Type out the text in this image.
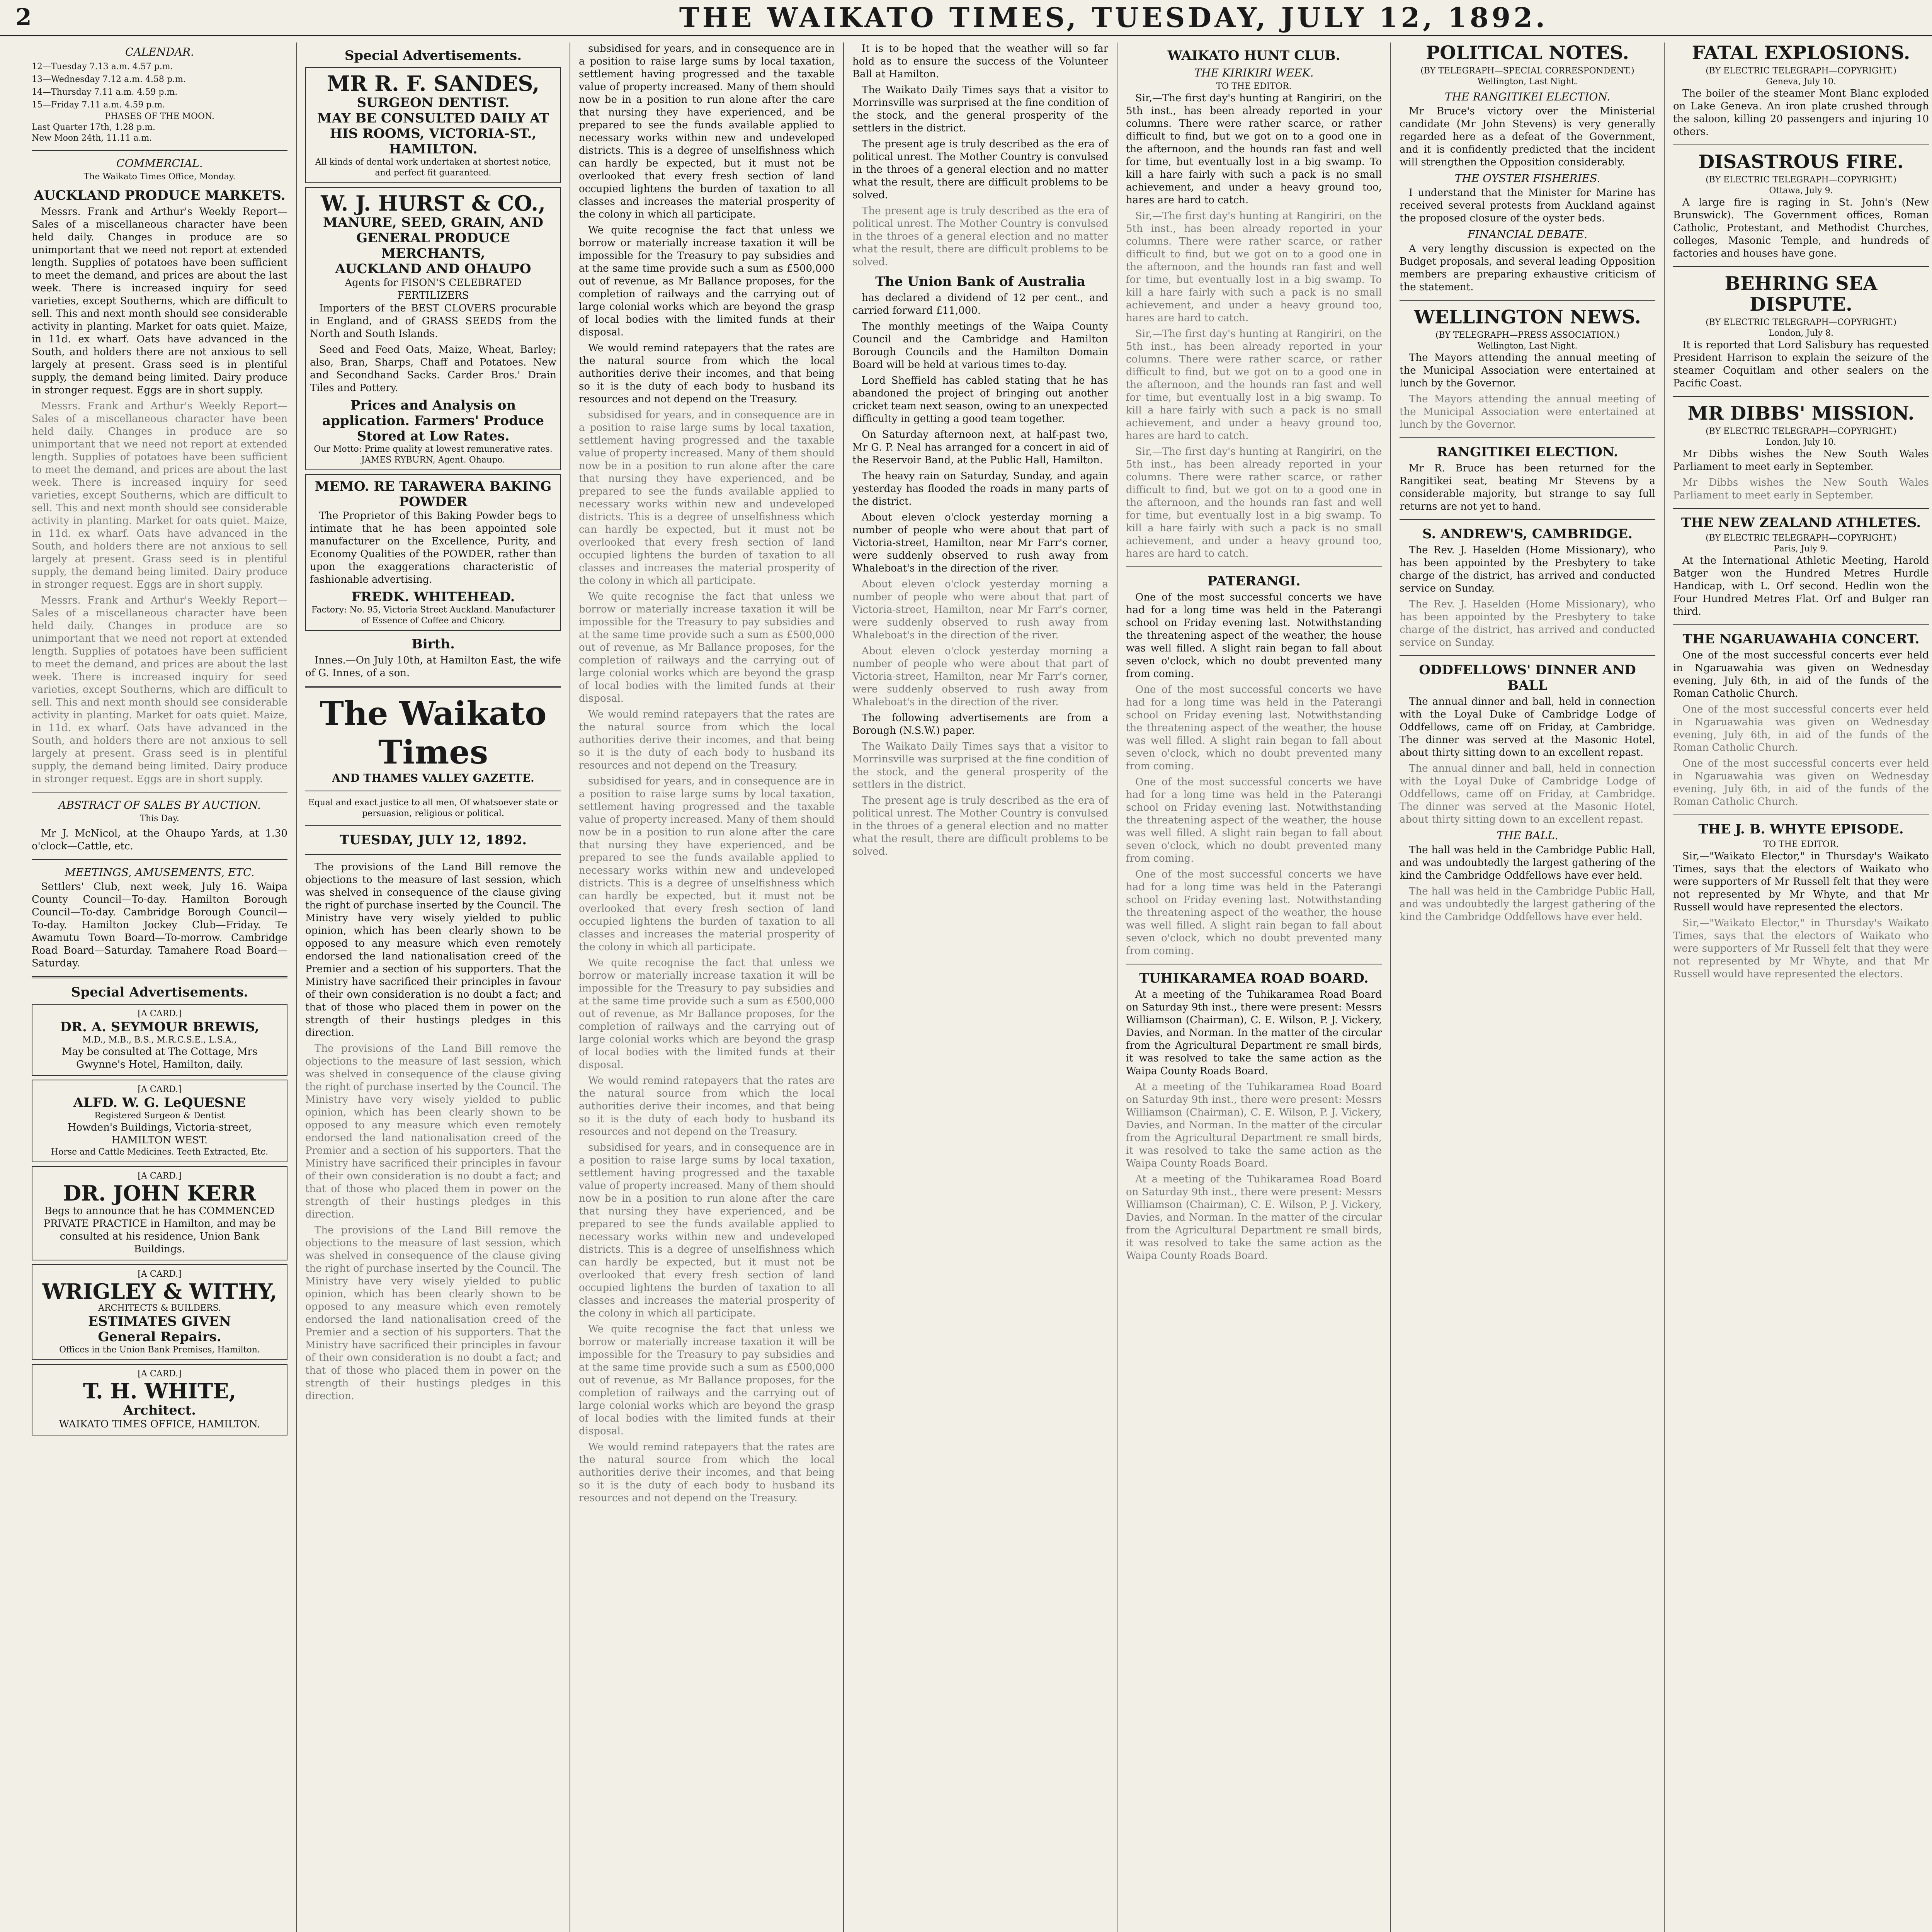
2	THE WAIKATO TIMES, TUESDAY, JULY 12, 1892.
CALENDAR.
12—Tuesday 7.13 a.m. 4.57 p.m.
13—Wednesday 7.12 a.m. 4.58 p.m.
14—Thursday 7.11 a.m. 4.59 p.m.
15—Friday 7.11 a.m. 4.59 p.m.
PHASES OF THE MOON.
Last Quarter 17th, 1.28 p.m.
New Moon 24th, 11.11 a.m.
COMMERCIAL.

The Waikato Times Office, Monday.

AUCKLAND PRODUCE MARKETS.

Messrs. Frank and Arthur's Weekly Report—Sales of a miscellaneous character have been held daily. Changes in produce are so unimportant that we need not report at extended length. Supplies of potatoes have been sufficient to meet the demand, and prices are about the last week. There is increased inquiry for seed varieties, except Southerns, which are difficult to sell. This and next month should see considerable activity in planting. Market for oats quiet. Maize, in 11d. ex wharf. Oats have advanced in the South, and holders there are not anxious to sell largely at present. Grass seed is in plentiful supply, the demand being limited. Dairy produce in stronger request. Eggs are in short supply.

Messrs. Frank and Arthur's Weekly Report—Sales of a miscellaneous character have been held daily. Changes in produce are so unimportant that we need not report at extended length. Supplies of potatoes have been sufficient to meet the demand, and prices are about the last week. There is increased inquiry for seed varieties, except Southerns, which are difficult to sell. This and next month should see considerable activity in planting. Market for oats quiet. Maize, in 11d. ex wharf. Oats have advanced in the South, and holders there are not anxious to sell largely at present. Grass seed is in plentiful supply, the demand being limited. Dairy produce in stronger request. Eggs are in short supply.

Messrs. Frank and Arthur's Weekly Report—Sales of a miscellaneous character have been held daily. Changes in produce are so unimportant that we need not report at extended length. Supplies of potatoes have been sufficient to meet the demand, and prices are about the last week. There is increased inquiry for seed varieties, except Southerns, which are difficult to sell. This and next month should see considerable activity in planting. Market for oats quiet. Maize, in 11d. ex wharf. Oats have advanced in the South, and holders there are not anxious to sell largely at present. Grass seed is in plentiful supply, the demand being limited. Dairy produce in stronger request. Eggs are in short supply.

ABSTRACT OF SALES BY AUCTION.

This Day.

Mr J. McNicol, at the Ohaupo Yards, at 1.30 o'clock—Cattle, etc.

MEETINGS, AMUSEMENTS, ETC.

Settlers' Club, next week, July 16. Waipa County Council—To-day. Hamilton Borough Council—To-day. Cambridge Borough Council—To-day. Hamilton Jockey Club—Friday. Te Awamutu Town Board—To-morrow. Cambridge Road Board—Saturday. Tamahere Road Board—Saturday.

Special Advertisements.
[A CARD.]
DR. A. SEYMOUR BREWIS,
M.D., M.B., B.S., M.R.C.S.E., L.S.A.,
May be consulted at The Cottage, Mrs Gwynne's Hotel, Hamilton, daily.
[A CARD.]
ALFD. W. G. LeQUESNE
Registered Surgeon & Dentist
Howden's Buildings, Victoria-street, HAMILTON WEST.
Horse and Cattle Medicines. Teeth Extracted, Etc.
[A CARD.]
DR. JOHN KERR
Begs to announce that he has COMMENCED PRIVATE PRACTICE in Hamilton, and may be consulted at his residence, Union Bank Buildings.
[A CARD.]
WRIGLEY & WITHY,
ARCHITECTS & BUILDERS.
ESTIMATES GIVEN
General Repairs.
Offices in the Union Bank Premises, Hamilton.
[A CARD.]
T. H. WHITE,
Architect.
WAIKATO TIMES OFFICE, HAMILTON.
Special Advertisements.
MR R. F. SANDES,
SURGEON DENTIST.
MAY BE CONSULTED DAILY AT HIS ROOMS, VICTORIA-ST., HAMILTON.
All kinds of dental work undertaken at shortest notice, and perfect fit guaranteed.
W. J. HURST & CO.,
MANURE, SEED, GRAIN, AND GENERAL PRODUCE MERCHANTS,
AUCKLAND AND OHAUPO
Agents for FISON'S CELEBRATED FERTILIZERS

Importers of the BEST CLOVERS procurable in England, and of GRASS SEEDS from the North and South Islands.

Seed and Feed Oats, Maize, Wheat, Barley; also, Bran, Sharps, Chaff and Potatoes. New and Secondhand Sacks. Carder Bros.' Drain Tiles and Pottery.

Prices and Analysis on application. Farmers' Produce Stored at Low Rates.
Our Motto: Prime quality at lowest remunerative rates.
JAMES RYBURN, Agent. Ohaupo.
MEMO. RE TARAWERA BAKING POWDER

The Proprietor of this Baking Powder begs to intimate that he has been appointed sole manufacturer on the Excellence, Purity, and Economy Qualities of the POWDER, rather than upon the exaggerations characteristic of fashionable advertising.

FREDK. WHITEHEAD.
Factory: No. 95, Victoria Street Auckland. Manufacturer of Essence of Coffee and Chicory.
Birth.

Innes.—On July 10th, at Hamilton East, the wife of G. Innes, of a son.

The Waikato Times
AND THAMES VALLEY GAZETTE.

Equal and exact justice to all men, Of whatsoever state or persuasion, religious or political.

TUESDAY, JULY 12, 1892.

The provisions of the Land Bill remove the objections to the measure of last session, which was shelved in consequence of the clause giving the right of purchase inserted by the Council. The Ministry have very wisely yielded to public opinion, which has been clearly shown to be opposed to any measure which even remotely endorsed the land nationalisation creed of the Premier and a section of his supporters. That the Ministry have sacrificed their principles in favour of their own consideration is no doubt a fact; and that of those who placed them in power on the strength of their hustings pledges in this direction.

The provisions of the Land Bill remove the objections to the measure of last session, which was shelved in consequence of the clause giving the right of purchase inserted by the Council. The Ministry have very wisely yielded to public opinion, which has been clearly shown to be opposed to any measure which even remotely endorsed the land nationalisation creed of the Premier and a section of his supporters. That the Ministry have sacrificed their principles in favour of their own consideration is no doubt a fact; and that of those who placed them in power on the strength of their hustings pledges in this direction.

The provisions of the Land Bill remove the objections to the measure of last session, which was shelved in consequence of the clause giving the right of purchase inserted by the Council. The Ministry have very wisely yielded to public opinion, which has been clearly shown to be opposed to any measure which even remotely endorsed the land nationalisation creed of the Premier and a section of his supporters. That the Ministry have sacrificed their principles in favour of their own consideration is no doubt a fact; and that of those who placed them in power on the strength of their hustings pledges in this direction.

subsidised for years, and in consequence are in a position to raise large sums by local taxation, settlement having progressed and the taxable value of property increased. Many of them should now be in a position to run alone after the care that nursing they have experienced, and be prepared to see the funds available applied to necessary works within new and undeveloped districts. This is a degree of unselfishness which can hardly be expected, but it must not be overlooked that every fresh section of land occupied lightens the burden of taxation to all classes and increases the material prosperity of the colony in which all participate.

We quite recognise the fact that unless we borrow or materially increase taxation it will be impossible for the Treasury to pay subsidies and at the same time provide such a sum as £500,000 out of revenue, as Mr Ballance proposes, for the completion of railways and the carrying out of large colonial works which are beyond the grasp of local bodies with the limited funds at their disposal.

We would remind ratepayers that the rates are the natural source from which the local authorities derive their incomes, and that being so it is the duty of each body to husband its resources and not depend on the Treasury.

subsidised for years, and in consequence are in a position to raise large sums by local taxation, settlement having progressed and the taxable value of property increased. Many of them should now be in a position to run alone after the care that nursing they have experienced, and be prepared to see the funds available applied to necessary works within new and undeveloped districts. This is a degree of unselfishness which can hardly be expected, but it must not be overlooked that every fresh section of land occupied lightens the burden of taxation to all classes and increases the material prosperity of the colony in which all participate.

We quite recognise the fact that unless we borrow or materially increase taxation it will be impossible for the Treasury to pay subsidies and at the same time provide such a sum as £500,000 out of revenue, as Mr Ballance proposes, for the completion of railways and the carrying out of large colonial works which are beyond the grasp of local bodies with the limited funds at their disposal.

We would remind ratepayers that the rates are the natural source from which the local authorities derive their incomes, and that being so it is the duty of each body to husband its resources and not depend on the Treasury.

subsidised for years, and in consequence are in a position to raise large sums by local taxation, settlement having progressed and the taxable value of property increased. Many of them should now be in a position to run alone after the care that nursing they have experienced, and be prepared to see the funds available applied to necessary works within new and undeveloped districts. This is a degree of unselfishness which can hardly be expected, but it must not be overlooked that every fresh section of land occupied lightens the burden of taxation to all classes and increases the material prosperity of the colony in which all participate.

We quite recognise the fact that unless we borrow or materially increase taxation it will be impossible for the Treasury to pay subsidies and at the same time provide such a sum as £500,000 out of revenue, as Mr Ballance proposes, for the completion of railways and the carrying out of large colonial works which are beyond the grasp of local bodies with the limited funds at their disposal.

We would remind ratepayers that the rates are the natural source from which the local authorities derive their incomes, and that being so it is the duty of each body to husband its resources and not depend on the Treasury.

subsidised for years, and in consequence are in a position to raise large sums by local taxation, settlement having progressed and the taxable value of property increased. Many of them should now be in a position to run alone after the care that nursing they have experienced, and be prepared to see the funds available applied to necessary works within new and undeveloped districts. This is a degree of unselfishness which can hardly be expected, but it must not be overlooked that every fresh section of land occupied lightens the burden of taxation to all classes and increases the material prosperity of the colony in which all participate.

We quite recognise the fact that unless we borrow or materially increase taxation it will be impossible for the Treasury to pay subsidies and at the same time provide such a sum as £500,000 out of revenue, as Mr Ballance proposes, for the completion of railways and the carrying out of large colonial works which are beyond the grasp of local bodies with the limited funds at their disposal.

We would remind ratepayers that the rates are the natural source from which the local authorities derive their incomes, and that being so it is the duty of each body to husband its resources and not depend on the Treasury.

It is to be hoped that the weather will so far hold as to ensure the success of the Volunteer Ball at Hamilton.

The Waikato Daily Times says that a visitor to Morrinsville was surprised at the fine condition of the stock, and the general prosperity of the settlers in the district.

The present age is truly described as the era of political unrest. The Mother Country is convulsed in the throes of a general election and no matter what the result, there are difficult problems to be solved.

The present age is truly described as the era of political unrest. The Mother Country is convulsed in the throes of a general election and no matter what the result, there are difficult problems to be solved.

The Union Bank of Australia

has declared a dividend of 12 per cent., and carried forward £11,000.

The monthly meetings of the Waipa County Council and the Cambridge and Hamilton Borough Councils and the Hamilton Domain Board will be held at various times to-day.

Lord Sheffield has cabled stating that he has abandoned the project of bringing out another cricket team next season, owing to an unexpected difficulty in getting a good team together.

On Saturday afternoon next, at half-past two, Mr G. P. Neal has arranged for a concert in aid of the Reservoir Band, at the Public Hall, Hamilton.

The heavy rain on Saturday, Sunday, and again yesterday has flooded the roads in many parts of the district.

About eleven o'clock yesterday morning a number of people who were about that part of Victoria-street, Hamilton, near Mr Farr's corner, were suddenly observed to rush away from Whaleboat's in the direction of the river.

About eleven o'clock yesterday morning a number of people who were about that part of Victoria-street, Hamilton, near Mr Farr's corner, were suddenly observed to rush away from Whaleboat's in the direction of the river.

About eleven o'clock yesterday morning a number of people who were about that part of Victoria-street, Hamilton, near Mr Farr's corner, were suddenly observed to rush away from Whaleboat's in the direction of the river.

The following advertisements are from a Borough (N.S.W.) paper.

The Waikato Daily Times says that a visitor to Morrinsville was surprised at the fine condition of the stock, and the general prosperity of the settlers in the district.

The present age is truly described as the era of political unrest. The Mother Country is convulsed in the throes of a general election and no matter what the result, there are difficult problems to be solved.

WAIKATO HUNT CLUB.
THE KIRIKIRI WEEK.
TO THE EDITOR.

Sir,—The first day's hunting at Rangiriri, on the 5th inst., has been already reported in your columns. There were rather scarce, or rather difficult to find, but we got on to a good one in the afternoon, and the hounds ran fast and well for time, but eventually lost in a big swamp. To kill a hare fairly with such a pack is no small achievement, and under a heavy ground too, hares are hard to catch.

Sir,—The first day's hunting at Rangiriri, on the 5th inst., has been already reported in your columns. There were rather scarce, or rather difficult to find, but we got on to a good one in the afternoon, and the hounds ran fast and well for time, but eventually lost in a big swamp. To kill a hare fairly with such a pack is no small achievement, and under a heavy ground too, hares are hard to catch.

Sir,—The first day's hunting at Rangiriri, on the 5th inst., has been already reported in your columns. There were rather scarce, or rather difficult to find, but we got on to a good one in the afternoon, and the hounds ran fast and well for time, but eventually lost in a big swamp. To kill a hare fairly with such a pack is no small achievement, and under a heavy ground too, hares are hard to catch.

Sir,—The first day's hunting at Rangiriri, on the 5th inst., has been already reported in your columns. There were rather scarce, or rather difficult to find, but we got on to a good one in the afternoon, and the hounds ran fast and well for time, but eventually lost in a big swamp. To kill a hare fairly with such a pack is no small achievement, and under a heavy ground too, hares are hard to catch.

PATERANGI.

One of the most successful concerts we have had for a long time was held in the Paterangi school on Friday evening last. Notwithstanding the threatening aspect of the weather, the house was well filled. A slight rain began to fall about seven o'clock, which no doubt prevented many from coming.

One of the most successful concerts we have had for a long time was held in the Paterangi school on Friday evening last. Notwithstanding the threatening aspect of the weather, the house was well filled. A slight rain began to fall about seven o'clock, which no doubt prevented many from coming.

One of the most successful concerts we have had for a long time was held in the Paterangi school on Friday evening last. Notwithstanding the threatening aspect of the weather, the house was well filled. A slight rain began to fall about seven o'clock, which no doubt prevented many from coming.

One of the most successful concerts we have had for a long time was held in the Paterangi school on Friday evening last. Notwithstanding the threatening aspect of the weather, the house was well filled. A slight rain began to fall about seven o'clock, which no doubt prevented many from coming.

TUHIKARAMEA ROAD BOARD.

At a meeting of the Tuhikaramea Road Board on Saturday 9th inst., there were present: Messrs Williamson (Chairman), C. E. Wilson, P. J. Vickery, Davies, and Norman. In the matter of the circular from the Agricultural Department re small birds, it was resolved to take the same action as the Waipa County Roads Board.

At a meeting of the Tuhikaramea Road Board on Saturday 9th inst., there were present: Messrs Williamson (Chairman), C. E. Wilson, P. J. Vickery, Davies, and Norman. In the matter of the circular from the Agricultural Department re small birds, it was resolved to take the same action as the Waipa County Roads Board.

At a meeting of the Tuhikaramea Road Board on Saturday 9th inst., there were present: Messrs Williamson (Chairman), C. E. Wilson, P. J. Vickery, Davies, and Norman. In the matter of the circular from the Agricultural Department re small birds, it was resolved to take the same action as the Waipa County Roads Board.

POLITICAL NOTES.
(BY TELEGRAPH—SPECIAL CORRESPONDENT.)
Wellington, Last Night.
THE RANGITIKEI ELECTION.

Mr Bruce's victory over the Ministerial candidate (Mr John Stevens) is very generally regarded here as a defeat of the Government, and it is confidently predicted that the incident will strengthen the Opposition considerably.

THE OYSTER FISHERIES.

I understand that the Minister for Marine has received several protests from Auckland against the proposed closure of the oyster beds.

FINANCIAL DEBATE.

A very lengthy discussion is expected on the Budget proposals, and several leading Opposition members are preparing exhaustive criticism of the statement.

WELLINGTON NEWS.
(BY TELEGRAPH—PRESS ASSOCIATION.)
Wellington, Last Night.

The Mayors attending the annual meeting of the Municipal Association were entertained at lunch by the Governor.

The Mayors attending the annual meeting of the Municipal Association were entertained at lunch by the Governor.

RANGITIKEI ELECTION.

Mr R. Bruce has been returned for the Rangitikei seat, beating Mr Stevens by a considerable majority, but strange to say full returns are not yet to hand.

S. ANDREW'S, CAMBRIDGE.

The Rev. J. Haselden (Home Missionary), who has been appointed by the Presbytery to take charge of the district, has arrived and conducted service on Sunday.

The Rev. J. Haselden (Home Missionary), who has been appointed by the Presbytery to take charge of the district, has arrived and conducted service on Sunday.

ODDFELLOWS' DINNER AND BALL

The annual dinner and ball, held in connection with the Loyal Duke of Cambridge Lodge of Oddfellows, came off on Friday, at Cambridge. The dinner was served at the Masonic Hotel, about thirty sitting down to an excellent repast.

The annual dinner and ball, held in connection with the Loyal Duke of Cambridge Lodge of Oddfellows, came off on Friday, at Cambridge. The dinner was served at the Masonic Hotel, about thirty sitting down to an excellent repast.

THE BALL.

The hall was held in the Cambridge Public Hall, and was undoubtedly the largest gathering of the kind the Cambridge Oddfellows have ever held.

The hall was held in the Cambridge Public Hall, and was undoubtedly the largest gathering of the kind the Cambridge Oddfellows have ever held.

FATAL EXPLOSIONS.
(BY ELECTRIC TELEGRAPH—COPYRIGHT.)
Geneva, July 10.

The boiler of the steamer Mont Blanc exploded on Lake Geneva. An iron plate crushed through the saloon, killing 20 passengers and injuring 10 others.

DISASTROUS FIRE.
(BY ELECTRIC TELEGRAPH—COPYRIGHT.)
Ottawa, July 9.

A large fire is raging in St. John's (New Brunswick). The Government offices, Roman Catholic, Protestant, and Methodist Churches, colleges, Masonic Temple, and hundreds of factories and houses have gone.

BEHRING SEA DISPUTE.
(BY ELECTRIC TELEGRAPH—COPYRIGHT.)
London, July 8.

It is reported that Lord Salisbury has requested President Harrison to explain the seizure of the steamer Coquitlam and other sealers on the Pacific Coast.

MR DIBBS' MISSION.
(BY ELECTRIC TELEGRAPH—COPYRIGHT.)
London, July 10.

Mr Dibbs wishes the New South Wales Parliament to meet early in September.

Mr Dibbs wishes the New South Wales Parliament to meet early in September.

THE NEW ZEALAND ATHLETES.
(BY ELECTRIC TELEGRAPH—COPYRIGHT.)
Paris, July 9.

At the International Athletic Meeting, Harold Batger won the Hundred Metres Hurdle Handicap, with L. Orf second. Hedlin won the Four Hundred Metres Flat. Orf and Bulger ran third.

THE NGARUAWAHIA CONCERT.

One of the most successful concerts ever held in Ngaruawahia was given on Wednesday evening, July 6th, in aid of the funds of the Roman Catholic Church.

One of the most successful concerts ever held in Ngaruawahia was given on Wednesday evening, July 6th, in aid of the funds of the Roman Catholic Church.

One of the most successful concerts ever held in Ngaruawahia was given on Wednesday evening, July 6th, in aid of the funds of the Roman Catholic Church.

THE J. B. WHYTE EPISODE.
TO THE EDITOR.

Sir,—"Waikato Elector," in Thursday's Waikato Times, says that the electors of Waikato who were supporters of Mr Russell felt that they were not represented by Mr Whyte, and that Mr Russell would have represented the electors.

Sir,—"Waikato Elector," in Thursday's Waikato Times, says that the electors of Waikato who were supporters of Mr Russell felt that they were not represented by Mr Whyte, and that Mr Russell would have represented the electors.
